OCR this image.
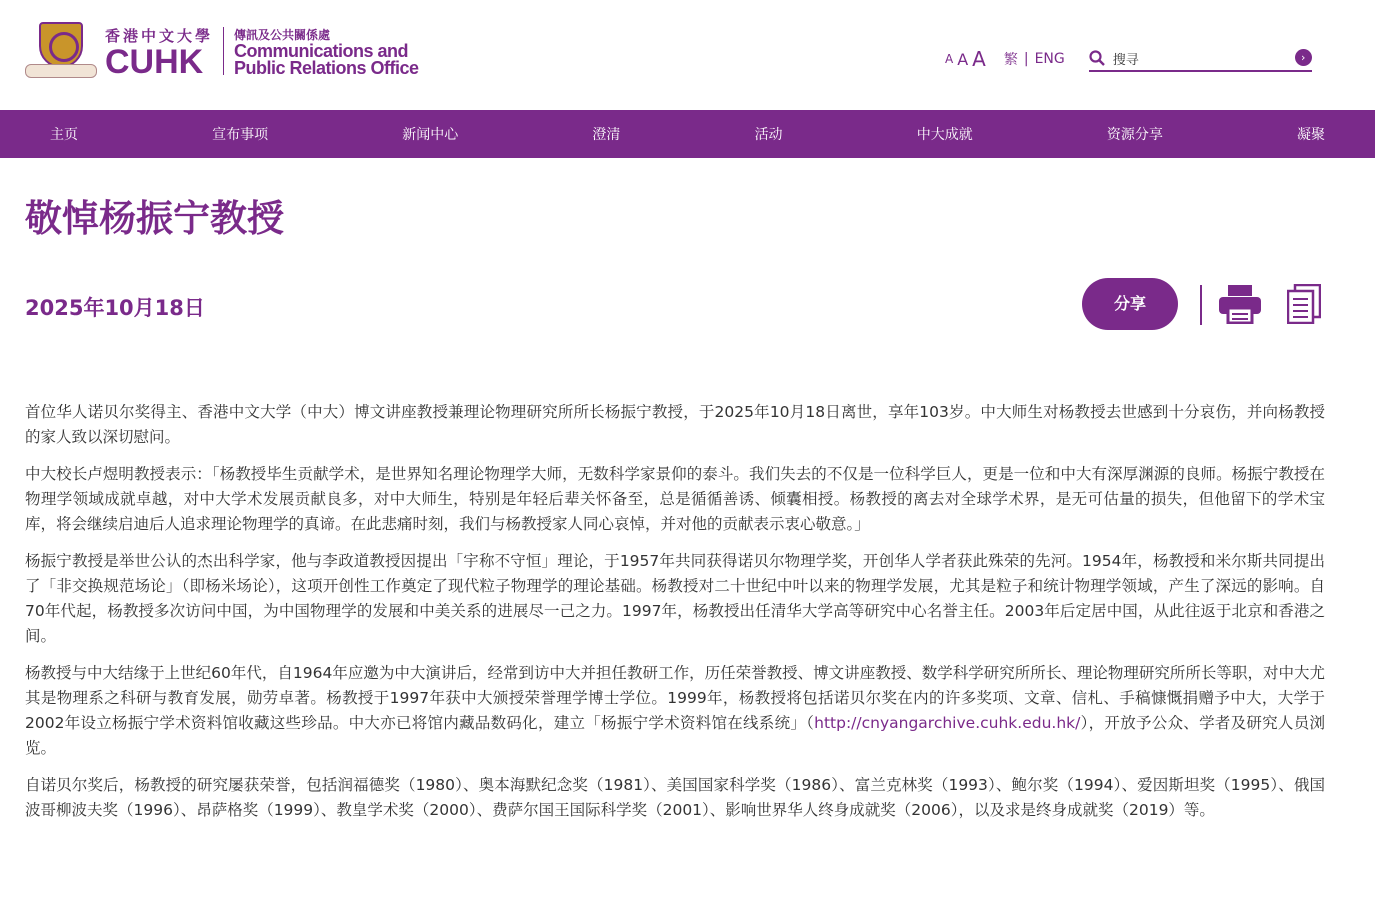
香港中文大學
CUHK
傳訊及公共關係處
Communications and
Public Relations Office	A A A 繁 | ENG
搜寻	›
主页	宣布事项	新闻中心	澄清	活动	中大成就	资源分享	凝聚
敬悼杨振宁教授
2025年10月18日	分享

首位华人诺贝尔奖得主、香港中文大学（中大）博文讲座教授兼理论物理研究所所长杨振宁教授，于2025年10月18日离世，享年103岁。中大师生对杨教授去世感到十分哀伤，并向杨教授的家人致以深切慰问。

中大校长卢煜明教授表示：「杨教授毕生贡献学术，是世界知名理论物理学大师，无数科学家景仰的泰斗。我们失去的不仅是一位科学巨人，更是一位和中大有深厚渊源的良师。杨振宁教授在物理学领域成就卓越，对中大学术发展贡献良多，对中大师生，特别是年轻后辈关怀备至，总是循循善诱、倾囊相授。杨教授的离去对全球学术界，是无可估量的损失，但他留下的学术宝库，将会继续启迪后人追求理论物理学的真谛。在此悲痛时刻，我们与杨教授家人同心哀悼，并对他的贡献表示衷心敬意。」

杨振宁教授是举世公认的杰出科学家，他与李政道教授因提出「宇称不守恒」理论，于1957年共同获得诺贝尔物理学奖，开创华人学者获此殊荣的先河。1954年，杨教授和米尔斯共同提出了「非交换规范场论」（即杨米场论），这项开创性工作奠定了现代粒子物理学的理论基础。杨教授对二十世纪中叶以来的物理学发展，尤其是粒子和统计物理学领域，产生了深远的影响。自70年代起，杨教授多次访问中国，为中国物理学的发展和中美关系的进展尽一己之力。1997年，杨教授出任清华大学高等研究中心名誉主任。2003年后定居中国，从此往返于北京和香港之间。

杨教授与中大结缘于上世纪60年代，自1964年应邀为中大演讲后，经常到访中大并担任教研工作，历任荣誉教授、博文讲座教授、数学科学研究所所长、理论物理研究所所长等职，对中大尤其是物理系之科研与教育发展，勋劳卓著。杨教授于1997年获中大颁授荣誉理学博士学位。1999年，杨教授将包括诺贝尔奖在内的许多奖项、文章、信札、手稿慷慨捐赠予中大，大学于2002年设立杨振宁学术资料馆收藏这些珍品。中大亦已将馆内藏品数码化，建立「杨振宁学术资料馆在线系统」（http://cnyangarchive.cuhk.edu.hk/），开放予公众、学者及研究人员浏览。

自诺贝尔奖后，杨教授的研究屡获荣誉，包括润福德奖（1980）、奥本海默纪念奖（1981）、美国国家科学奖（1986）、富兰克林奖（1993）、鲍尔奖（1994）、爱因斯坦奖（1995）、俄国波哥柳波夫奖（1996）、昂萨格奖（1999）、教皇学术奖（2000）、费萨尔国王国际科学奖（2001）、影响世界华人终身成就奖（2006），以及求是终身成就奖（2019）等。
